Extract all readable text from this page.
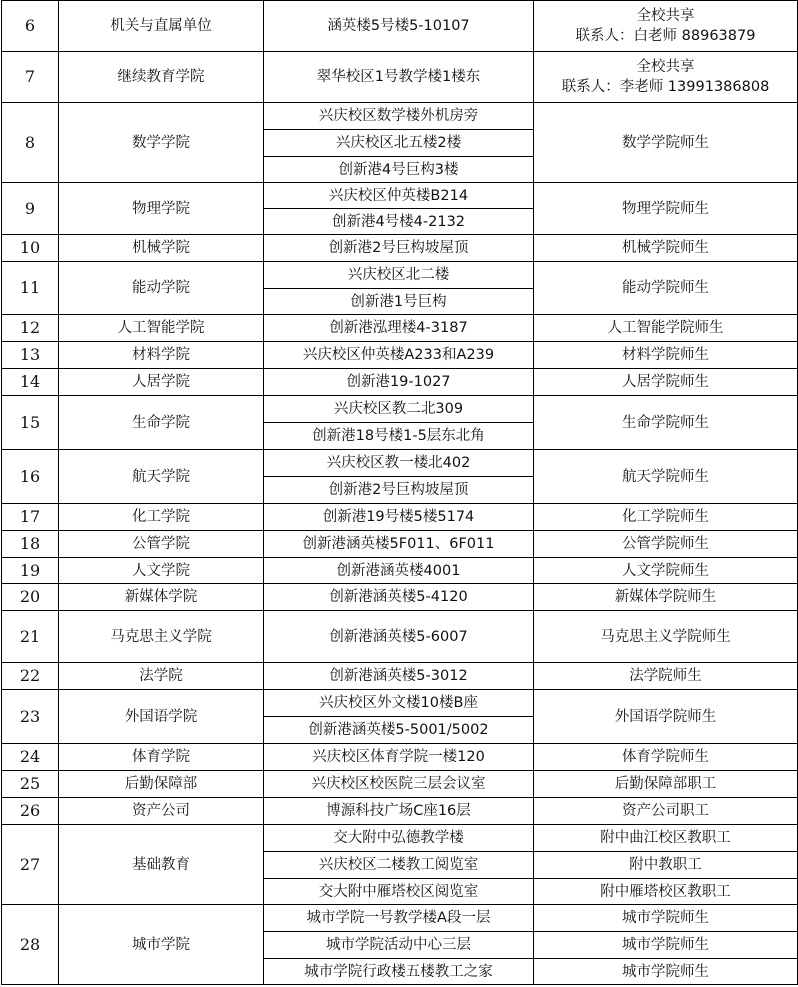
6	机关与直属单位	涵英楼5号楼5-10107	全校共享
联系人：白老师 88963879

7	继续教育学院	翠华校区1号教学楼1楼东	全校共享
联系人：李老师 13991386808

8	数学学院	兴庆校区数学楼外机房旁	数学学院师生

		兴庆校区北五楼2楼	
		创新港4号巨构3楼	
9	物理学院	兴庆校区仲英楼B214	物理学院师生

		创新港4号楼4-2132	
10	机械学院	创新港2号巨构坡屋顶	机械学院师生

11	能动学院	兴庆校区北二楼	能动学院师生

		创新港1号巨构	
12	人工智能学院	创新港泓理楼4-3187	人工智能学院师生

13	材料学院	兴庆校区仲英楼A233和A239	材料学院师生

14	人居学院	创新港19-1027	人居学院师生

15	生命学院	兴庆校区教二北309	生命学院师生

		创新港18号楼1-5层东北角	
16	航天学院	兴庆校区教一楼北402	航天学院师生

		创新港2号巨构坡屋顶	
17	化工学院	创新港19号楼5楼5174	化工学院师生

18	公管学院	创新港涵英楼5F011、6F011	公管学院师生

19	人文学院	创新港涵英楼4001	人文学院师生

20	新媒体学院	创新港涵英楼5-4120	新媒体学院师生

21	马克思主义学院	创新港涵英楼5-6007	马克思主义学院师生

22	法学院	创新港涵英楼5-3012	法学院师生

23	外国语学院	兴庆校区外文楼10楼B座	外国语学院师生

		创新港涵英楼5-5001/5002	
24	体育学院	兴庆校区体育学院一楼120	体育学院师生

25	后勤保障部	兴庆校区校医院三层会议室	后勤保障部职工

26	资产公司	博源科技广场C座16层	资产公司职工

27	基础教育	交大附中弘德教学楼	附中曲江校区教职工
		兴庆校区二楼教工阅览室	附中教职工
		交大附中雁塔校区阅览室	附中雁塔校区教职工
28	城市学院	城市学院一号教学楼A段一层	城市学院师生
		城市学院活动中心三层	城市学院师生
		城市学院行政楼五楼教工之家	城市学院师生
